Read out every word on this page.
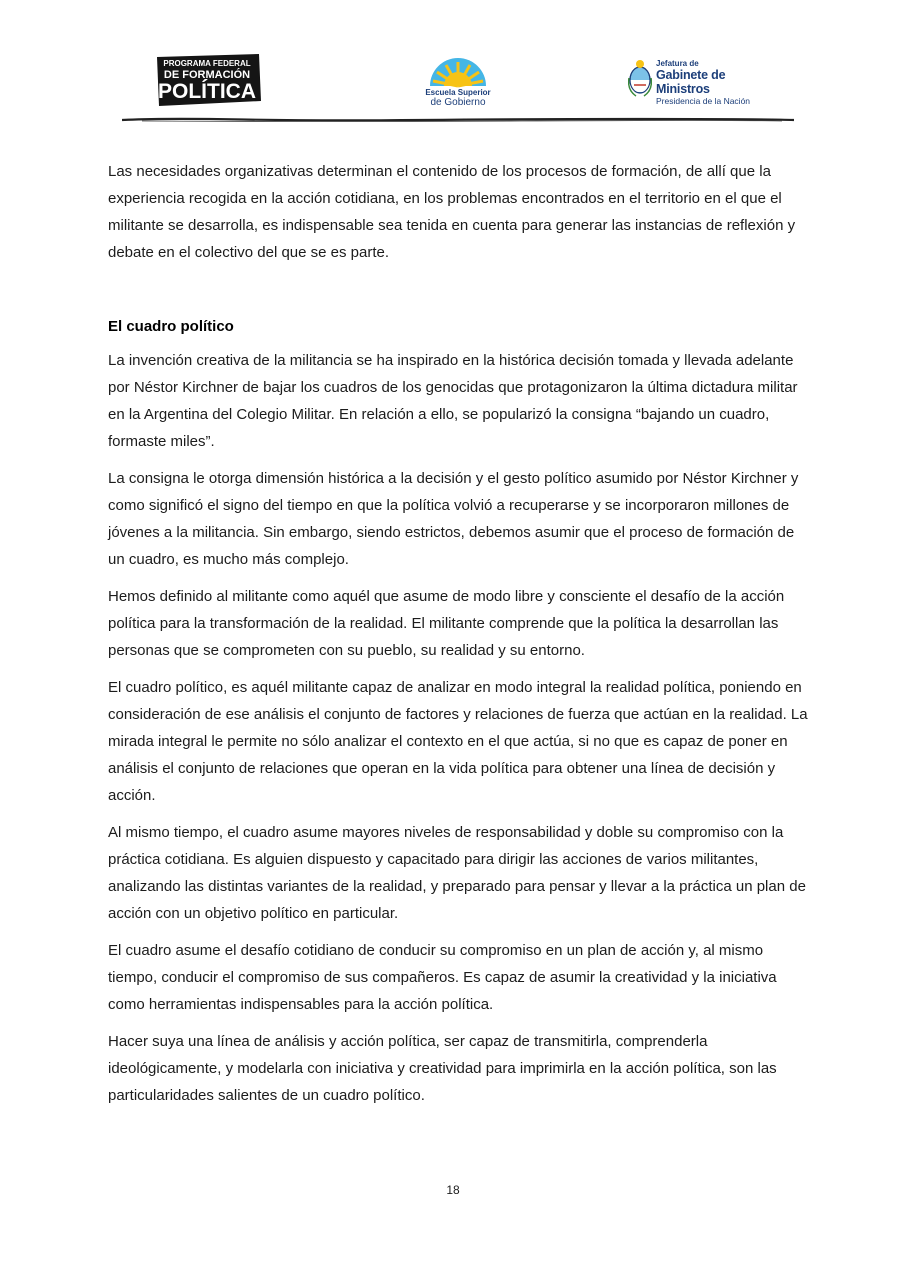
PROGRAMA FEDERAL
DE FORMACIÓN
POLÍTICA	Escuela Superior
de Gobierno
Jefatura de
Gabinete de Ministros
Presidencia de la Nación

Las necesidades organizativas determinan el contenido de los procesos de formación, de allí que la experiencia recogida en la acción cotidiana, en los problemas encontrados en el territorio en el que el militante se desarrolla, es indispensable sea tenida en cuenta para generar las instancias de reflexión y debate en el colectivo del que se es parte.

El cuadro político

La invención creativa de la militancia se ha inspirado en la histórica decisión tomada y llevada adelante por Néstor Kirchner de bajar los cuadros de los genocidas que protagonizaron la última dictadura militar en la Argentina del Colegio Militar. En relación a ello, se popularizó la consigna “bajando un cuadro, formaste miles”.

La consigna le otorga dimensión histórica a la decisión y el gesto político asumido por Néstor Kirchner y como significó el signo del tiempo en que la política volvió a recuperarse y se incorporaron millones de jóvenes a la militancia. Sin embargo, siendo estrictos, debemos asumir que el proceso de formación de un cuadro, es mucho más complejo.

Hemos definido al militante como aquél que asume de modo libre y consciente el desafío de la acción política para la transformación de la realidad. El militante comprende que la política la desarrollan las personas que se comprometen con su pueblo, su realidad y su entorno.

El cuadro político, es aquél militante capaz de analizar en modo integral la realidad política, poniendo en consideración de ese análisis el conjunto de factores y relaciones de fuerza que actúan en la realidad. La mirada integral le permite no sólo analizar el contexto en el que actúa, si no que es capaz de poner en análisis el conjunto de relaciones que operan en la vida política para obtener una línea de decisión y acción.

Al mismo tiempo, el cuadro asume mayores niveles de responsabilidad y doble su compromiso con la práctica cotidiana. Es alguien dispuesto y capacitado para dirigir las acciones de varios militantes, analizando las distintas variantes de la realidad, y preparado para pensar y llevar a la práctica un plan de acción con un objetivo político en particular.

El cuadro asume el desafío cotidiano de conducir su compromiso en un plan de acción y, al mismo tiempo, conducir el compromiso de sus compañeros. Es capaz de asumir la creatividad y la iniciativa como herramientas indispensables para la acción política.

Hacer suya una línea de análisis y acción política, ser capaz de transmitirla, comprenderla ideológicamente, y modelarla con iniciativa y creatividad para imprimirla en la acción política, son las particularidades salientes de un cuadro político.

18
